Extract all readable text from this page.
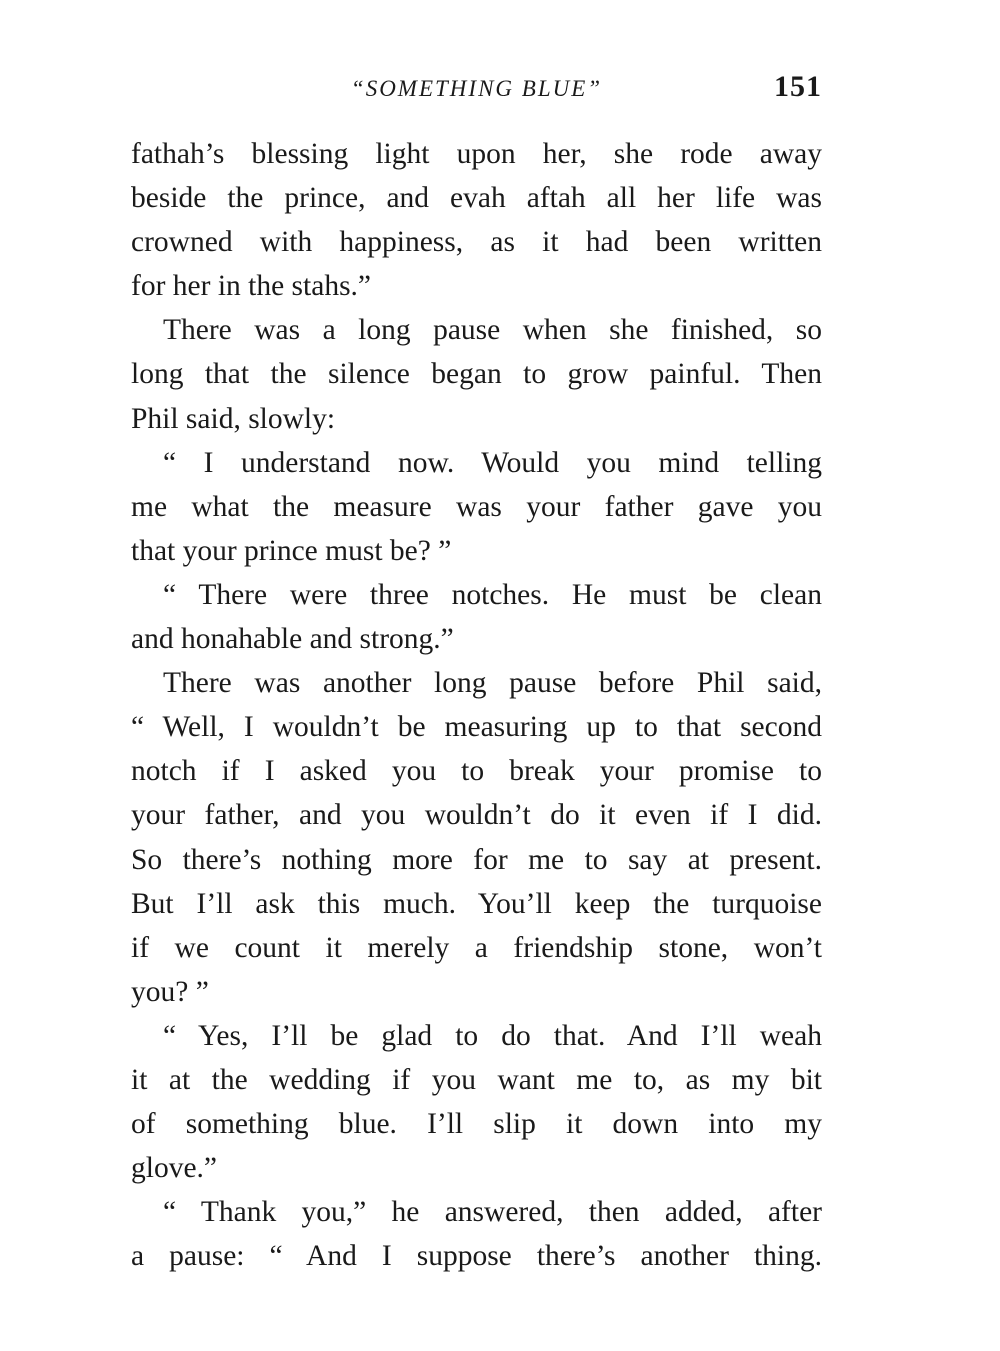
“SOMETHING BLUE”	151

fathah’s blessing light upon her, she rode away
beside the prince, and evah aftah all her life was
crowned with happiness, as it had been written
for her in the stahs.”

There was a long pause when she finished, so
long that the silence began to grow painful. Then
Phil said, slowly:

“ I understand now. Would you mind telling
me what the measure was your father gave you
that your prince must be? ”

“ There were three notches. He must be clean
and honahable and strong.”

There was another long pause before Phil said,
“ Well, I wouldn’t be measuring up to that second
notch if I asked you to break your promise to
your father, and you wouldn’t do it even if I did.
So there’s nothing more for me to say at present.
But I’ll ask this much. You’ll keep the turquoise
if we count it merely a friendship stone, won’t
you? ”

“ Yes, I’ll be glad to do that. And I’ll weah
it at the wedding if you want me to, as my bit
of something blue. I’ll slip it down into my
glove.”

“ Thank you,” he answered, then added, after
a pause: “ And I suppose there’s another thing.
